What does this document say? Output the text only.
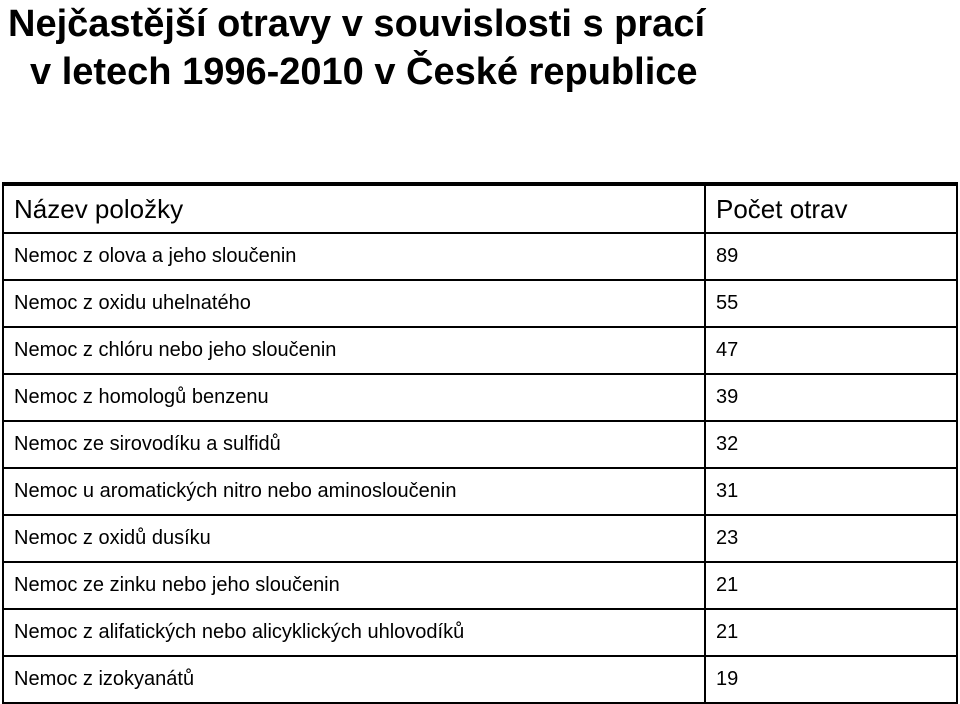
Nejčastější otravy v souvislosti s prací
v letech 1996-2010 v České republice
Název položky	Počet otrav
Nemoc z olova a jeho sloučenin	89
Nemoc z oxidu uhelnatého	55
Nemoc z chlóru nebo jeho sloučenin	47
Nemoc z homologů benzenu	39
Nemoc ze sirovodíku a sulfidů	32
Nemoc u aromatických nitro nebo aminosloučenin	31
Nemoc z oxidů dusíku	23
Nemoc ze zinku nebo jeho sloučenin	21
Nemoc z alifatických nebo alicyklických uhlovodíků	21
Nemoc z izokyanátů	19
